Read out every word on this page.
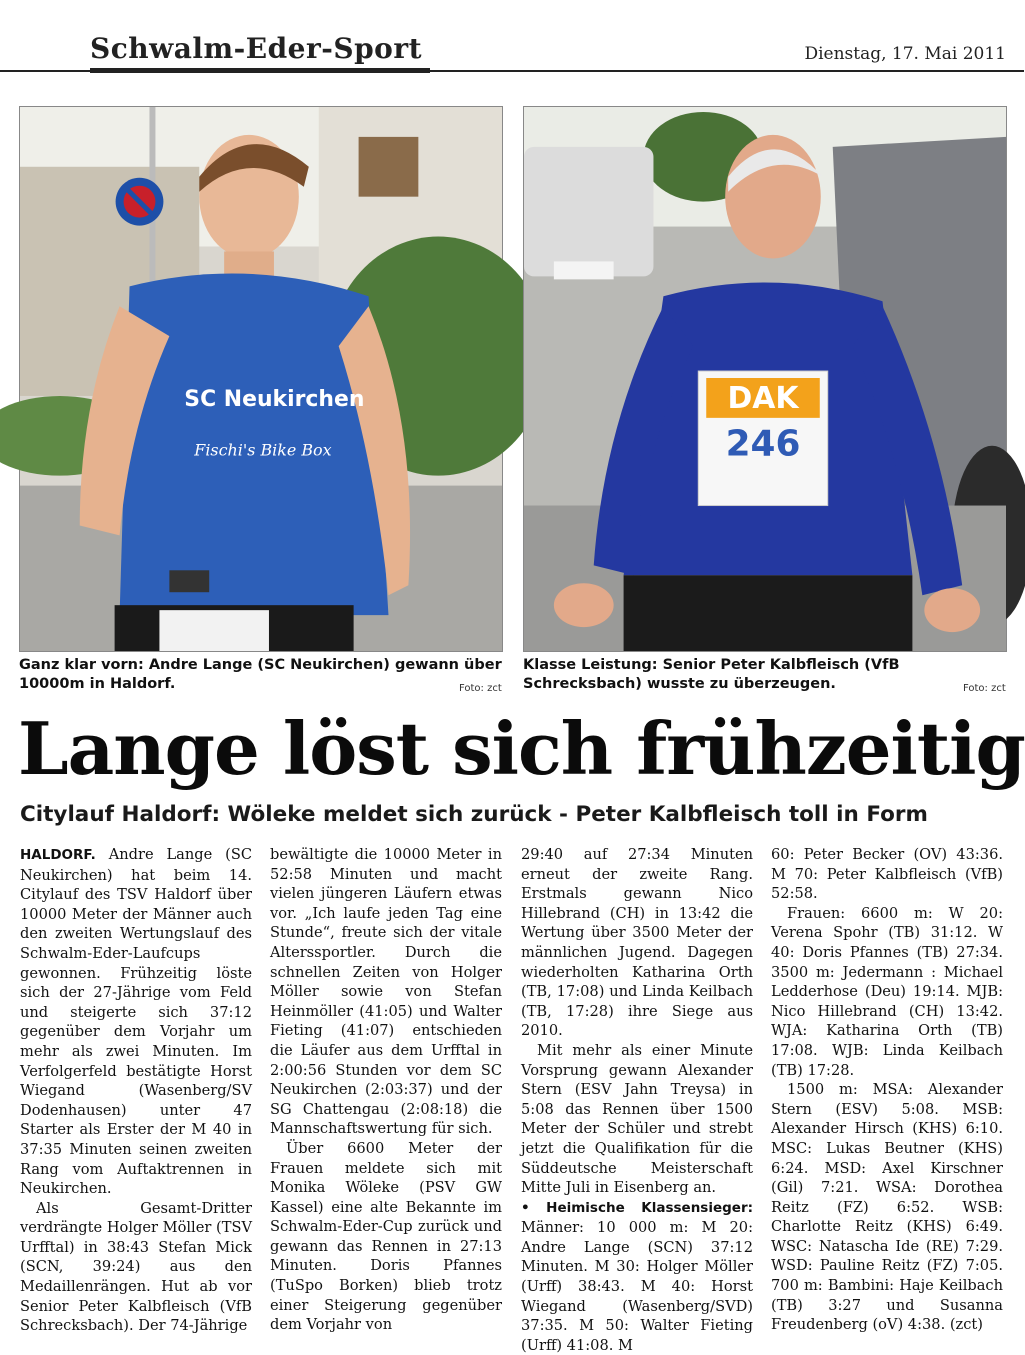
Schwalm-Eder-Sport	Dienstag, 17. Mai 2011
SC Neukirchen
Fischi's Bike Box
DAK
246
Ganz klar vorn: Andre Lange (SC Neukirchen) gewann über 10000m in Haldorf.	Foto: zct
Klasse Leistung: Senior Peter Kalbfleisch (VfB Schrecksbach) wusste zu überzeugen.	Foto: zct
Lange löst sich frühzeitig
Citylauf Haldorf: Wöleke meldet sich zurück - Peter Kalbfleisch toll in Form

HALDORF. Andre Lange (SC Neukirchen) hat beim 14. Citylauf des TSV Haldorf über 10000 Meter der Männer auch den zweiten Wertungslauf des Schwalm-Eder-Laufcups gewonnen. Frühzeitig löste sich der 27-Jährige vom Feld und steigerte sich 37:12 gegenüber dem Vorjahr um mehr als zwei Minuten. Im Verfolgerfeld bestätigte Horst Wiegand (Wasenberg/SV Dodenhausen) unter 47 Starter als Erster der M 40 in 37:35 Minuten seinen zweiten Rang vom Auftaktrennen in Neukirchen.

Als Gesamt-Dritter verdrängte Holger Möller (TSV Urfftal) in 38:43 Stefan Mick (SCN, 39:24) aus den Medaillenrängen. Hut ab vor Senior Peter Kalbfleisch (VfB Schrecksbach). Der 74-Jährige

bewältigte die 10000 Meter in 52:58 Minuten und macht vielen jüngeren Läufern etwas vor. „Ich laufe jeden Tag eine Stunde“, freute sich der vitale Alterssportler. Durch die schnellen Zeiten von Holger Möller sowie von Stefan Heinmöller (41:05) und Walter Fieting (41:07) entschieden die Läufer aus dem Urfftal in 2:00:56 Stunden vor dem SC Neukirchen (2:03:37) und der SG Chattengau (2:08:18) die Mannschaftswertung für sich.

Über 6600 Meter der Frauen meldete sich mit Monika Wöleke (PSV GW Kassel) eine alte Bekannte im Schwalm-Eder-Cup zurück und gewann das Rennen in 27:13 Minuten. Doris Pfannes (TuSpo Borken) blieb trotz einer Steigerung gegenüber dem Vorjahr von

29:40 auf 27:34 Minuten erneut der zweite Rang. Erstmals gewann Nico Hillebrand (CH) in 13:42 die Wertung über 3500 Meter der männlichen Jugend. Dagegen wiederholten Katharina Orth (TB, 17:08) und Linda Keilbach (TB, 17:28) ihre Siege aus 2010.

Mit mehr als einer Minute Vorsprung gewann Alexander Stern (ESV Jahn Treysa) in 5:08 das Rennen über 1500 Meter der Schüler und strebt jetzt die Qualifikation für die Süddeutsche Meisterschaft Mitte Juli in Eisenberg an.

• Heimische Klassensieger: Männer: 10 000 m: M 20: Andre Lange (SCN) 37:12 Minuten. M 30: Holger Möller (Urff) 38:43. M 40: Horst Wiegand (Wasenberg/SVD) 37:35. M 50: Walter Fieting (Urff) 41:08. M

60: Peter Becker (OV) 43:36. M 70: Peter Kalbfleisch (VfB) 52:58.

Frauen: 6600 m: W 20: Verena Spohr (TB) 31:12. W 40: Doris Pfannes (TB) 27:34. 3500 m: Jedermann : Michael Ledderhose (Deu) 19:14. MJB: Nico Hillebrand (CH) 13:42. WJA: Katharina Orth (TB) 17:08. WJB: Linda Keilbach (TB) 17:28.

1500 m: MSA: Alexander Stern (ESV) 5:08. MSB: Alexander Hirsch (KHS) 6:10. MSC: Lukas Beutner (KHS) 6:24. MSD: Axel Kirschner (Gil) 7:21. WSA: Dorothea Reitz (FZ) 6:52. WSB: Charlotte Reitz (KHS) 6:49. WSC: Natascha Ide (RE) 7:29. WSD: Pauline Reitz (FZ) 7:05. 700 m: Bambini: Haje Keilbach (TB) 3:27 und Susanna Freudenberg (oV) 4:38. (zct)
